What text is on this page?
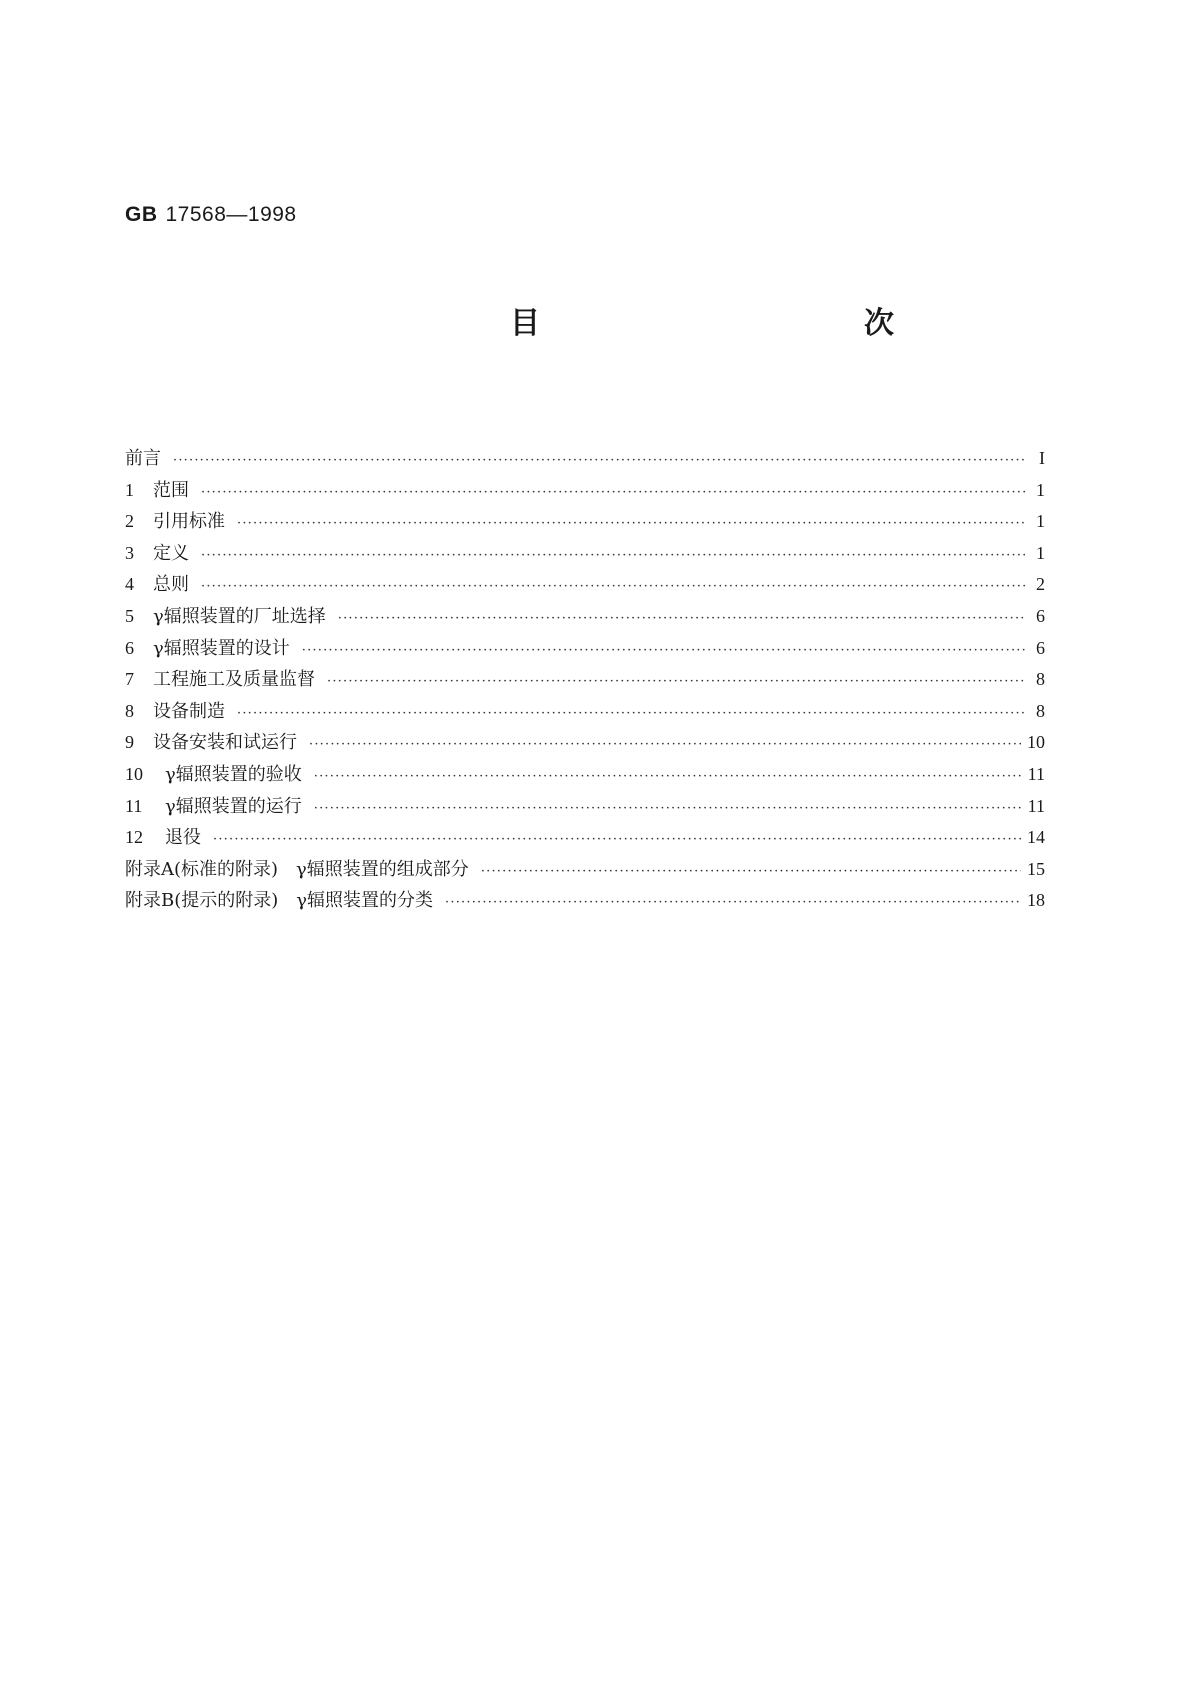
GB 17568—1998
目　　次
前言 ·····	I
1	范围 ·····	1
2	引用标准 ·····	1
3	定义 ·····	1
4	总则 ·····	2
5	γ辐照装置的厂址选择 ·····	6
6	γ辐照装置的设计 ·····	6
7	工程施工及质量监督 ·····	8
8	设备制造 ·····	8
9	设备安装和试运行 ·····	10
10	γ辐照装置的验收 ·····	11
11	γ辐照装置的运行 ·····	11
12	退役 ·····	14
附录A(标准的附录)　γ辐照装置的组成部分 ·····	15
附录B(提示的附录)　γ辐照装置的分类 ·····	18
